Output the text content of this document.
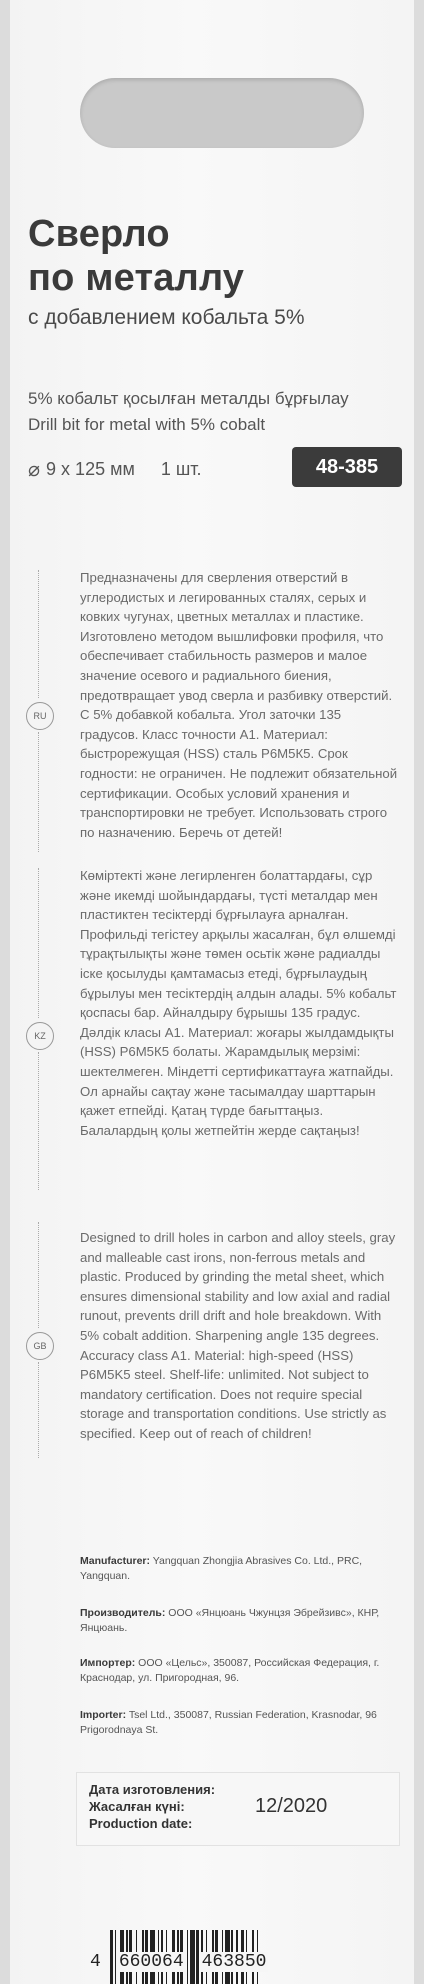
Сверло
по металлу
с добавлением кобальта 5%
5% кобальт қосылған металды бұрғылау
Drill bit for metal with 5% cobalt
⌀ 9 x 125 мм 1 шт.	48-385
RU
Предназначены для сверления отверстий в углеродистых и легированных сталях, серых и ковких чугунах, цветных металлах и пластике. Изготовлено методом вышлифовки профиля, что обеспечивает стабильность размеров и малое значение осевого и радиального биения, предотвращает увод сверла и разбивку отверстий. С 5% добавкой кобальта. Угол заточки 135 градусов. Класс точности А1. Материал: быстрорежущая (HSS) сталь Р6М5К5. Срок годности: не ограничен. Не подлежит обязательной сертификации. Особых условий хранения и транспортировки не требует. Использовать строго по назначению. Беречь от детей!
KZ
Көміртекті және легирленген болаттардағы, сұр және икемді шойындардағы, түсті металдар мен пластиктен тесіктерді бұрғылауға арналған. Профильді тегістеу арқылы жасалған, бұл өлшемді тұрақтылықты және төмен осьтік және радиалды іске қосылуды қамтамасыз етеді, бұрғылаудың бұрылуы мен тесіктердің алдын алады. 5% кобальт қоспасы бар. Айналдыру бұрышы 135 градус. Дәлдік класы А1. Материал: жоғары жылдамдықты (HSS) Р6М5К5 болаты. Жарамдылық мерзімі: шектелмеген. Міндетті сертификаттауға жатпайды. Ол арнайы сақтау және тасымалдау шарттарын қажет етпейді. Қатаң түрде бағыттаңыз. Балалардың қолы жетпейтін жерде сақтаңыз!
GB
Designed to drill holes in carbon and alloy steels, gray and malleable cast irons, non-ferrous metals and plastic. Produced by grinding the metal sheet, which ensures dimensional stability and low axial and radial runout, prevents drill drift and hole breakdown. With 5% cobalt addition. Sharpening angle 135 degrees. Accuracy class A1. Material: high-speed (HSS) P6M5K5 steel. Shelf-life: unlimited. Not subject to mandatory certification. Does not require special storage and transportation conditions. Use strictly as specified. Keep out of reach of children!
Manufacturer: Yangquan Zhongjia Abrasives Co. Ltd., PRC, Yangquan.
Производитель: ООО «Янцюань Чжунцзя Эбрейзивс», КНР, Янцюань.
Импортер: ООО «Цельс», 350087, Российская Федерация, г. Краснодар, ул. Пригородная, 96.
Importer: Tsel Ltd., 350087, Russian Federation, Krasnodar, 96 Prigorodnaya St.
Дата изготовления:
Жасалған күні:
Production date:
12/2020
4 660064 463850
